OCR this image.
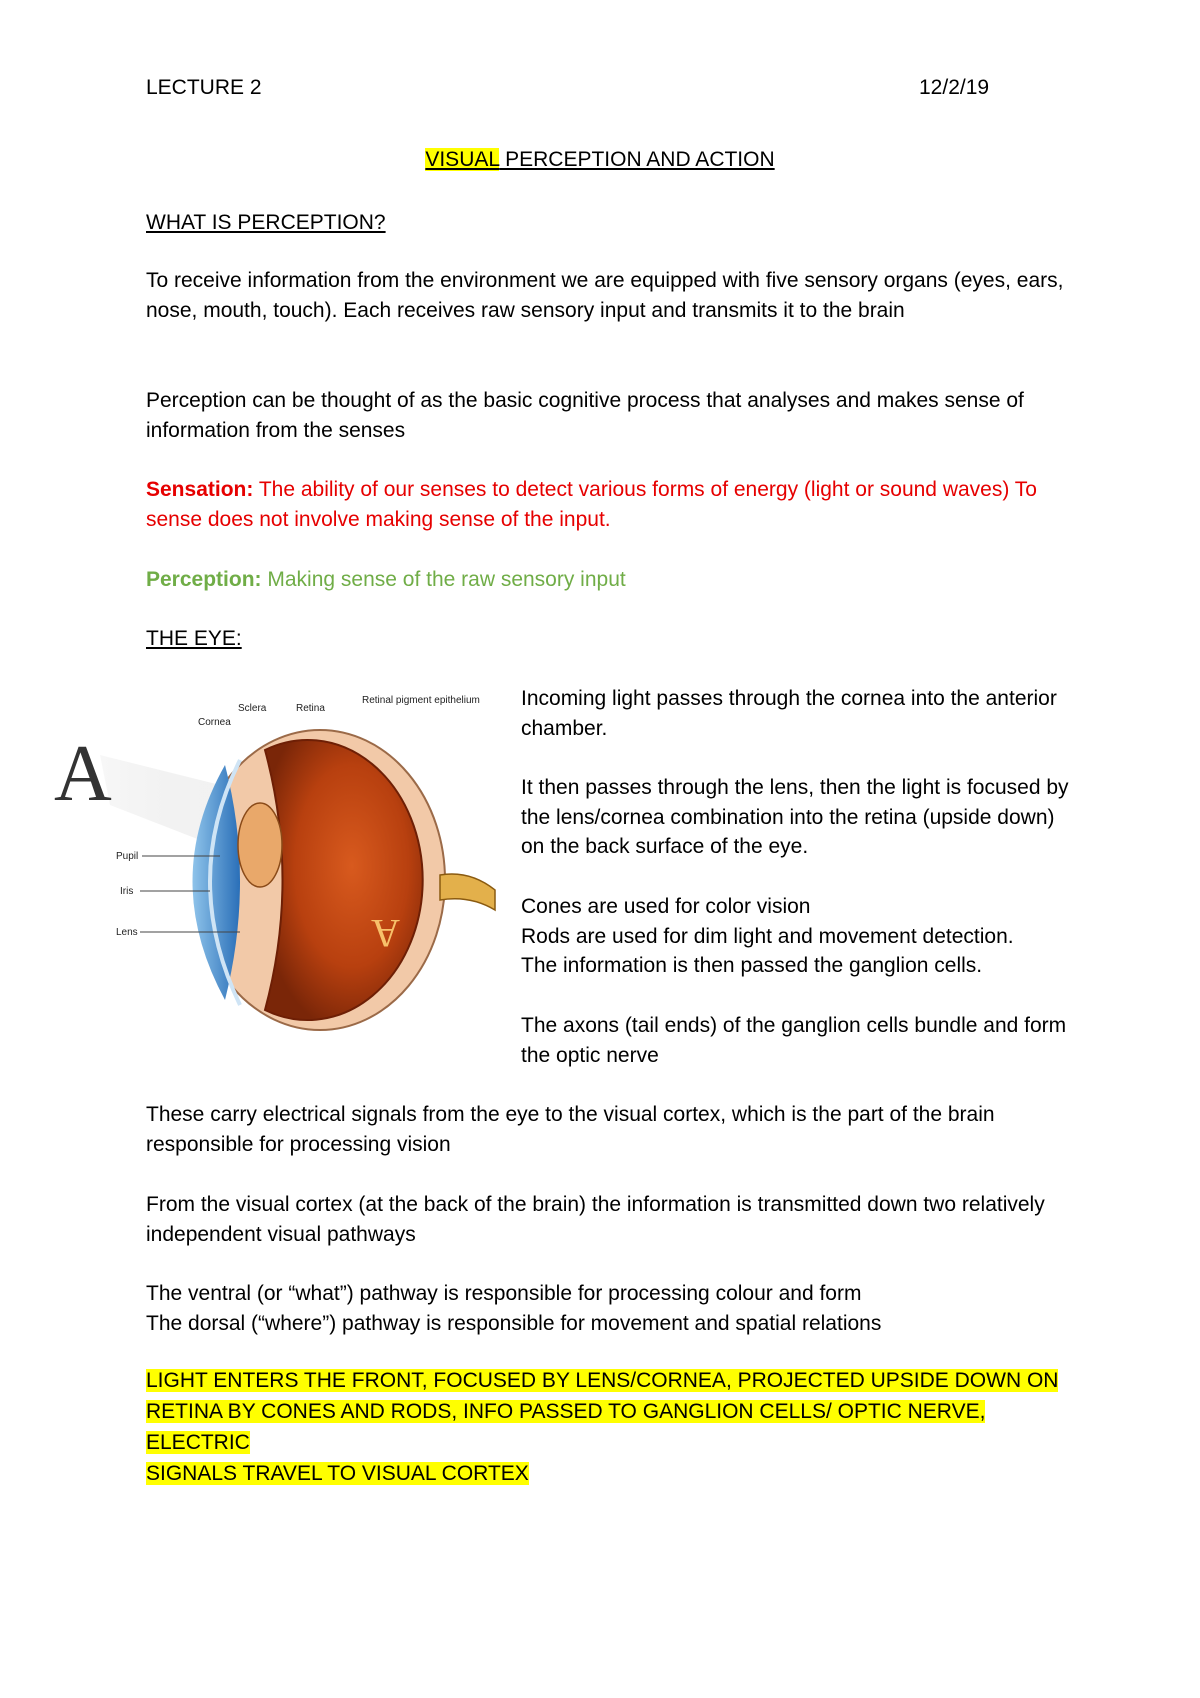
LECTURE 2	12/2/19
VISUAL PERCEPTION AND ACTION
WHAT IS PERCEPTION?
To receive information from the environment we are equipped with five sensory organs (eyes, ears, nose, mouth, touch). Each receives raw sensory input and transmits it to the brain
Perception can be thought of as the basic cognitive process that analyses and makes sense of information from the senses
Sensation: The ability of our senses to detect various forms of energy (light or sound waves) To sense does not involve making sense of the input.
Perception: Making sense of the raw sensory input
THE EYE:
A
A
Sclera	Retina
Retinal pigment epithelium
Cornea
Pupil
Iris
Lens
Incoming light passes through the cornea into the anterior chamber.
It then passes through the lens, then the light is focused by the lens/cornea combination into the retina (upside down) on the back surface of the eye.
Cones are used for color vision
Rods are used for dim light and movement detection.
The information is then passed the ganglion cells.
The axons (tail ends) of the ganglion cells bundle and form the optic nerve
These carry electrical signals from the eye to the visual cortex, which is the part of the brain responsible for processing vision
From the visual cortex (at the back of the brain) the information is transmitted down two relatively independent visual pathways
The ventral (or “what”) pathway is responsible for processing colour and form
The dorsal (“where”) pathway is responsible for movement and spatial relations
LIGHT ENTERS THE FRONT, FOCUSED BY LENS/CORNEA, PROJECTED UPSIDE DOWN ON
RETINA BY CONES AND RODS, INFO PASSED TO GANGLION CELLS/ OPTIC NERVE, ELECTRIC
SIGNALS TRAVEL TO VISUAL CORTEX
